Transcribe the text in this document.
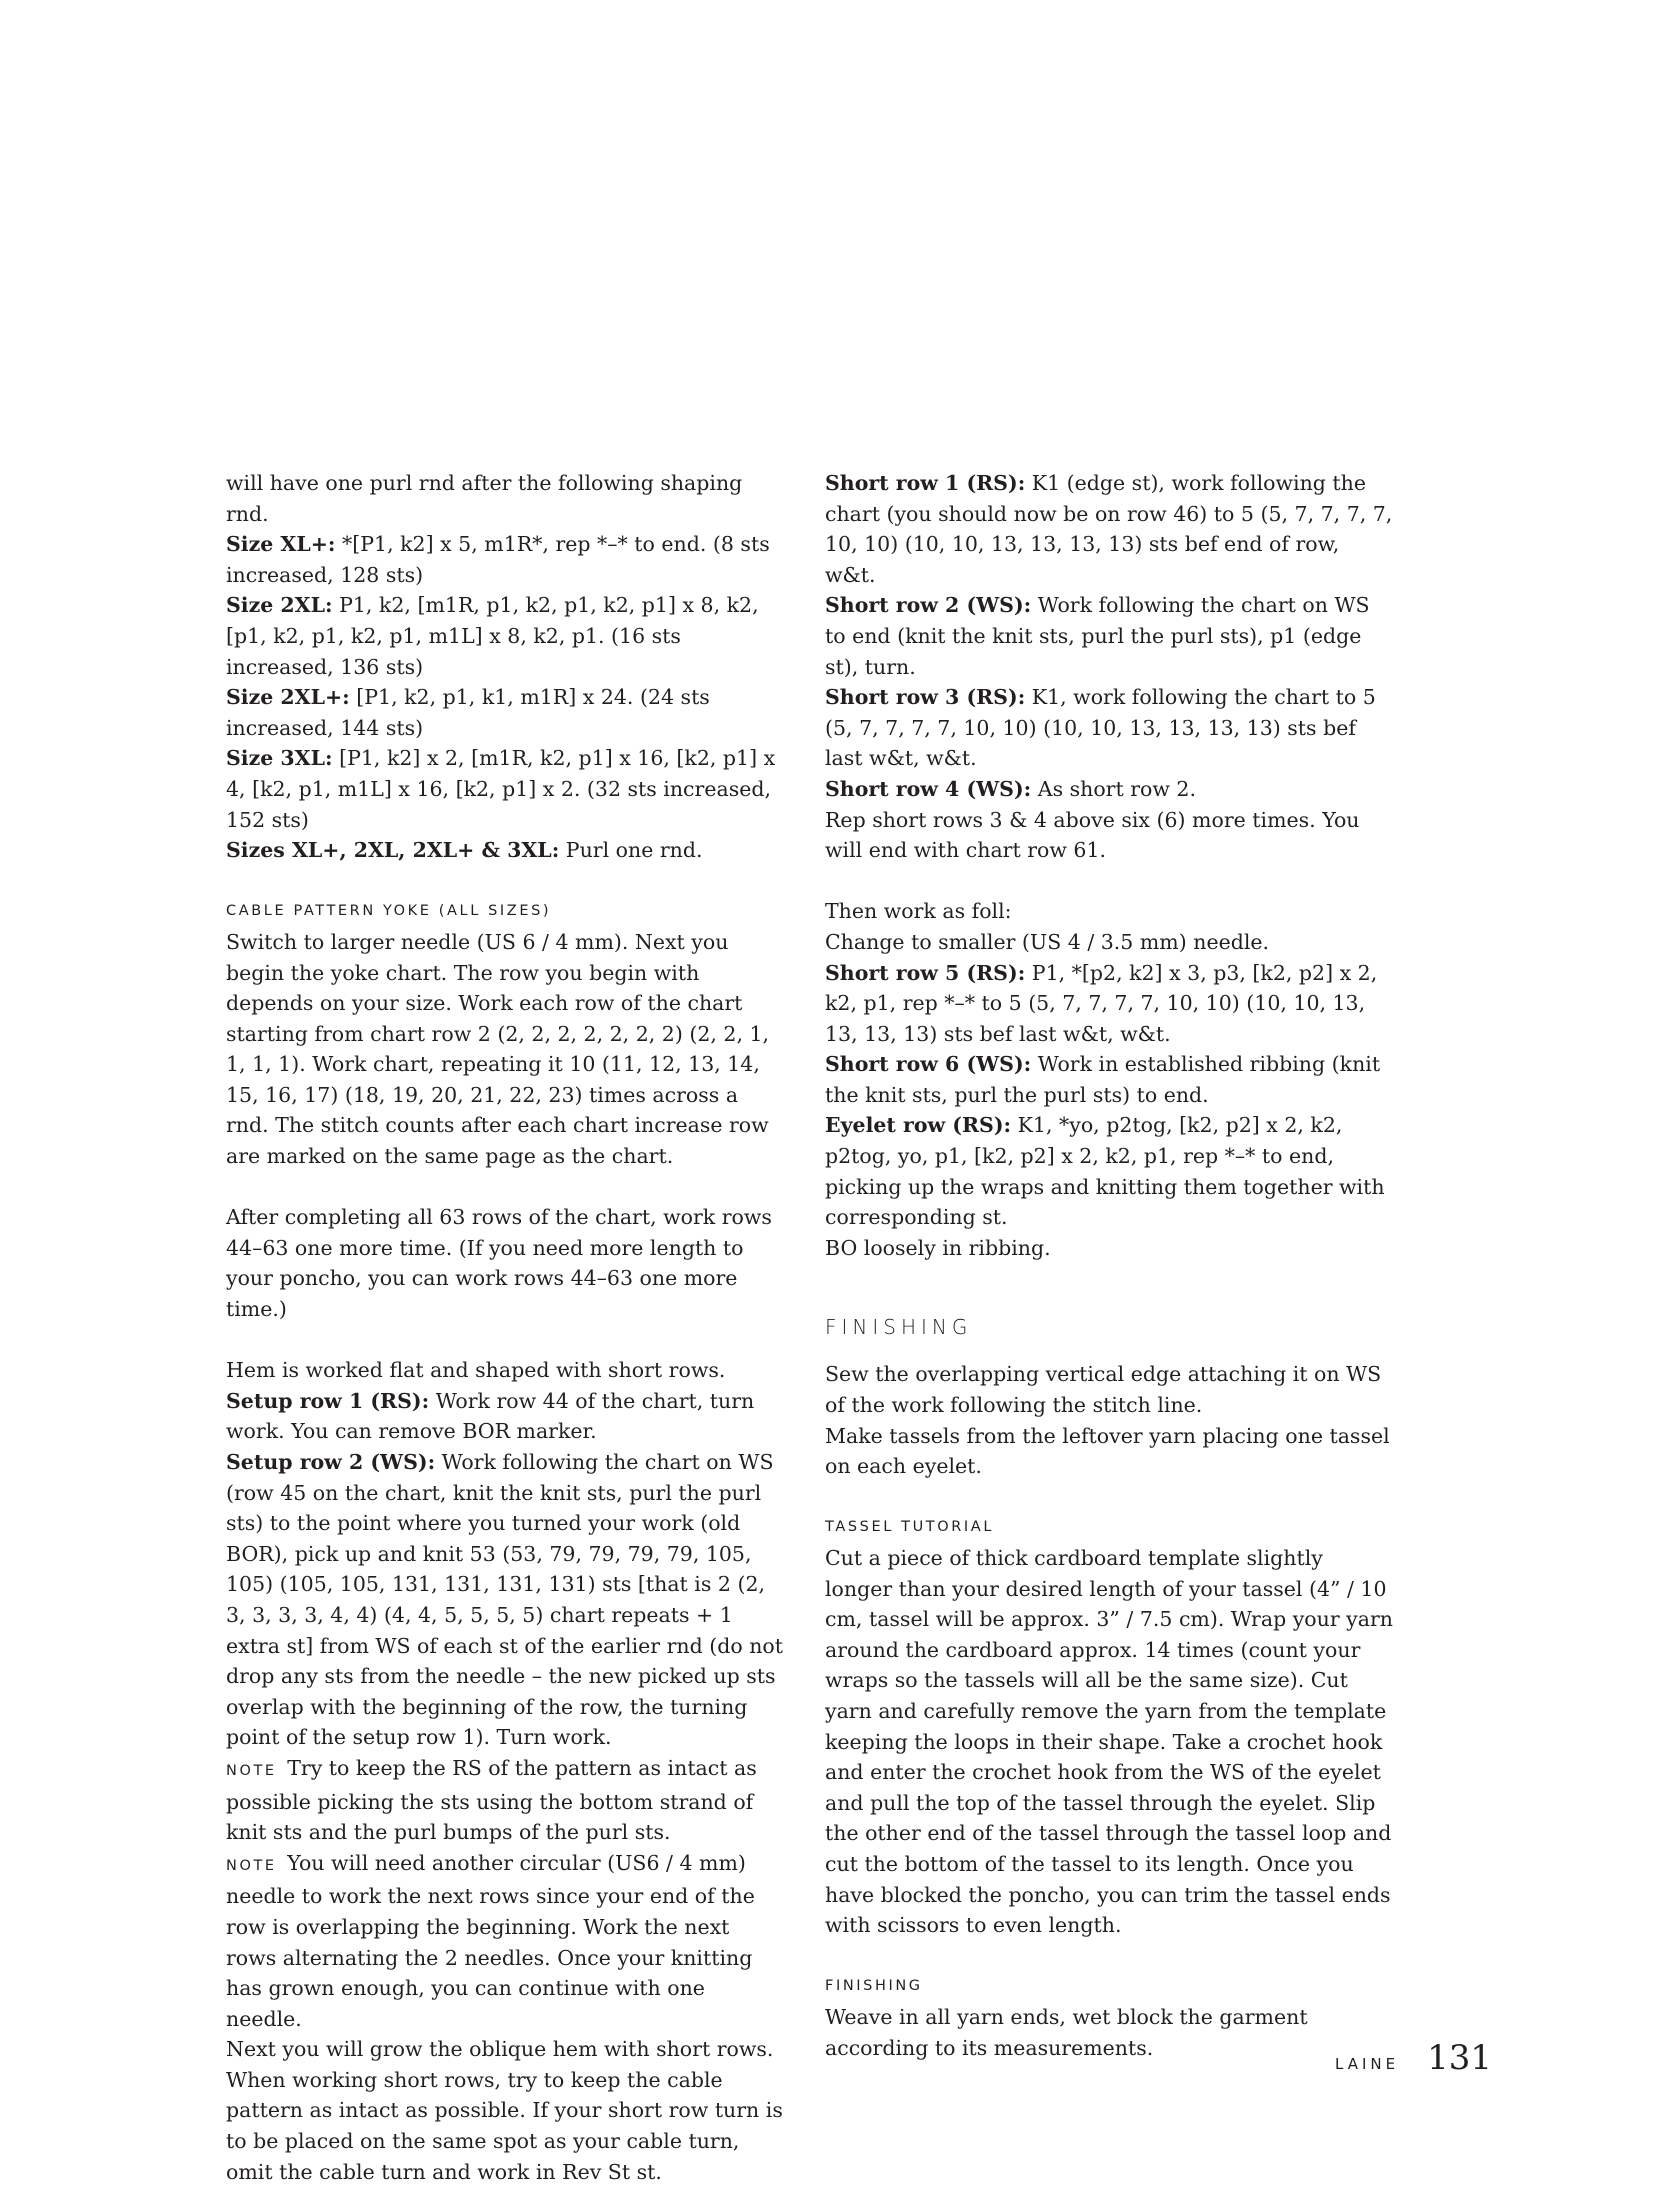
will have one purl rnd after the following shaping rnd.

Size XL+: *[P1, k2] x 5, m1R*, rep *–* to end. (8 sts increased, 128 sts)

Size 2XL: P1, k2, [m1R, p1, k2, p1, k2, p1] x 8, k2, [p1, k2, p1, k2, p1, m1L] x 8, k2, p1. (16 sts increased, 136 sts)

Size 2XL+: [P1, k2, p1, k1, m1R] x 24. (24 sts increased, 144 sts)

Size 3XL: [P1, k2] x 2, [m1R, k2, p1] x 16, [k2, p1] x 4, [k2, p1, m1L] x 16, [k2, p1] x 2. (32 sts increased, 152 sts)

Sizes XL+, 2XL, 2XL+ & 3XL: Purl one rnd.

CABLE PATTERN YOKE (ALL SIZES)

Switch to larger needle (US 6 / 4 mm). Next you begin the yoke chart. The row you begin with depends on your size. Work each row of the chart starting from chart row 2 (2, 2, 2, 2, 2, 2, 2) (2, 2, 1, 1, 1, 1). Work chart, repeating it 10 (11, 12, 13, 14, 15, 16, 17) (18, 19, 20, 21, 22, 23) times across a rnd. The stitch counts after each chart increase row are marked on the same page as the chart.

After completing all 63 rows of the chart, work rows 44–63 one more time. (If you need more length to your poncho, you can work rows 44–63 one more time.)

Hem is worked flat and shaped with short rows.

Setup row 1 (RS): Work row 44 of the chart, turn work. You can remove BOR marker.

Setup row 2 (WS): Work following the chart on WS (row 45 on the chart, knit the knit sts, purl the purl sts) to the point where you turned your work (old BOR), pick up and knit 53 (53, 79, 79, 79, 79, 105, 105) (105, 105, 131, 131, 131, 131) sts [that is 2 (2, 3, 3, 3, 3, 4, 4) (4, 4, 5, 5, 5, 5) chart repeats + 1 extra st] from WS of each st of the earlier rnd (do not drop any sts from the needle – the new picked up sts overlap with the beginning of the row, the turning point of the setup row 1). Turn work.

NOTE Try to keep the RS of the pattern as intact as possible picking the sts using the bottom strand of knit sts and the purl bumps of the purl sts.

NOTE You will need another circular (US6 / 4 mm) needle to work the next rows since your end of the row is overlapping the beginning. Work the next rows alternating the 2 needles. Once your knitting has grown enough, you can continue with one needle.

Next you will grow the oblique hem with short rows. When working short rows, try to keep the cable pattern as intact as possible. If your short row turn is to be placed on the same spot as your cable turn, omit the cable turn and work in Rev St st.

Short row 1 (RS): K1 (edge st), work following the chart (you should now be on row 46) to 5 (5, 7, 7, 7, 7, 10, 10) (10, 10, 13, 13, 13, 13) sts bef end of row, w&t.

Short row 2 (WS): Work following the chart on WS to end (knit the knit sts, purl the purl sts), p1 (edge st), turn.

Short row 3 (RS): K1, work following the chart to 5 (5, 7, 7, 7, 7, 10, 10) (10, 10, 13, 13, 13, 13) sts bef last w&t, w&t.

Short row 4 (WS): As short row 2.

Rep short rows 3 & 4 above six (6) more times. You will end with chart row 61.

Then work as foll:

Change to smaller (US 4 / 3.5 mm) needle.

Short row 5 (RS): P1, *[p2, k2] x 3, p3, [k2, p2] x 2, k2, p1, rep *–* to 5 (5, 7, 7, 7, 7, 10, 10) (10, 10, 13, 13, 13, 13) sts bef last w&t, w&t.

Short row 6 (WS): Work in established ribbing (knit the knit sts, purl the purl sts) to end.

Eyelet row (RS): K1, *yo, p2tog, [k2, p2] x 2, k2, p2tog, yo, p1, [k2, p2] x 2, k2, p1, rep *–* to end, picking up the wraps and knitting them together with corresponding st.

BO loosely in ribbing.

FINISHING

Sew the overlapping vertical edge attaching it on WS of the work following the stitch line.

Make tassels from the leftover yarn placing one tassel on each eyelet.

TASSEL TUTORIAL

Cut a piece of thick cardboard template slightly longer than your desired length of your tassel (4” / 10 cm, tassel will be approx. 3” / 7.5 cm). Wrap your yarn around the cardboard approx. 14 times (count your wraps so the tassels will all be the same size). Cut yarn and carefully remove the yarn from the template keeping the loops in their shape. Take a crochet hook and enter the crochet hook from the WS of the eyelet and pull the top of the tassel through the eyelet. Slip the other end of the tassel through the tassel loop and cut the bottom of the tassel to its length. Once you have blocked the poncho, you can trim the tassel ends with scissors to even length.

FINISHING

Weave in all yarn ends, wet block the garment according to its measurements.

LAINE 131
